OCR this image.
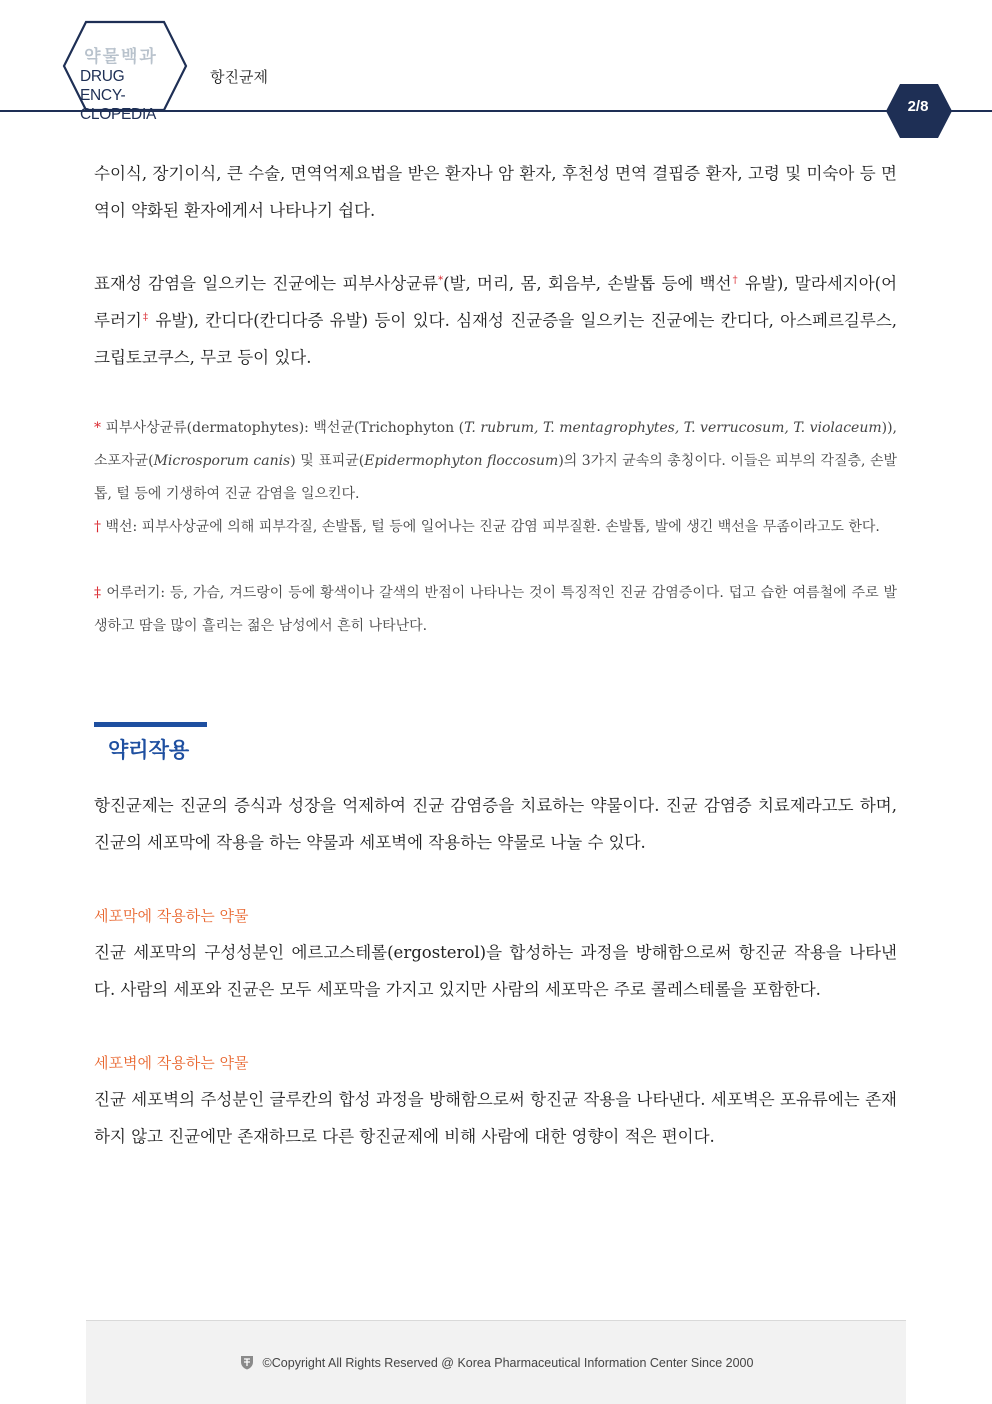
약물백과
DRUG ENCY-
CLOPEDIA
항진균제
2/8

수이식, 장기이식, 큰 수술, 면역억제요법을 받은 환자나 암 환자, 후천성 면역 결핍증 환자, 고령 및 미숙아 등 면역이 약화된 환자에게서 나타나기 쉽다.

표재성 감염을 일으키는 진균에는 피부사상균류*(발, 머리, 몸, 회음부, 손발톱 등에 백선† 유발), 말라세지아(어루러기‡ 유발), 칸디다(칸디다증 유발) 등이 있다. 심재성 진균증을 일으키는 진균에는 칸디다, 아스페르길루스, 크립토코쿠스, 무코 등이 있다.

* 피부사상균류(dermatophytes): 백선균(Trichophyton (T. rubrum, T. mentagrophytes, T. verrucosum, T. violaceum)), 소포자균(Microsporum canis) 및 표피균(Epidermophyton floccosum)의 3가지 균속의 총칭이다. 이들은 피부의 각질층, 손발톱, 털 등에 기생하여 진균 감염을 일으킨다.

† 백선: 피부사상균에 의해 피부각질, 손발톱, 털 등에 일어나는 진균 감염 피부질환. 손발톱, 발에 생긴 백선을 무좀이라고도 한다.

‡ 어루러기: 등, 가슴, 겨드랑이 등에 황색이나 갈색의 반점이 나타나는 것이 특징적인 진균 감염증이다. 덥고 습한 여름철에 주로 발생하고 땀을 많이 흘리는 젊은 남성에서 흔히 나타난다.

약리작용

항진균제는 진균의 증식과 성장을 억제하여 진균 감염증을 치료하는 약물이다. 진균 감염증 치료제라고도 하며, 진균의 세포막에 작용을 하는 약물과 세포벽에 작용하는 약물로 나눌 수 있다.

세포막에 작용하는 약물

진균 세포막의 구성성분인 에르고스테롤(ergosterol)을 합성하는 과정을 방해함으로써 항진균 작용을 나타낸다. 사람의 세포와 진균은 모두 세포막을 가지고 있지만 사람의 세포막은 주로 콜레스테롤을 포함한다.

세포벽에 작용하는 약물

진균 세포벽의 주성분인 글루칸의 합성 과정을 방해함으로써 항진균 작용을 나타낸다. 세포벽은 포유류에는 존재하지 않고 진균에만 존재하므로 다른 항진균제에 비해 사람에 대한 영향이 적은 편이다.

©Copyright All Rights Reserved @ Korea Pharmaceutical Information Center Since 2000
